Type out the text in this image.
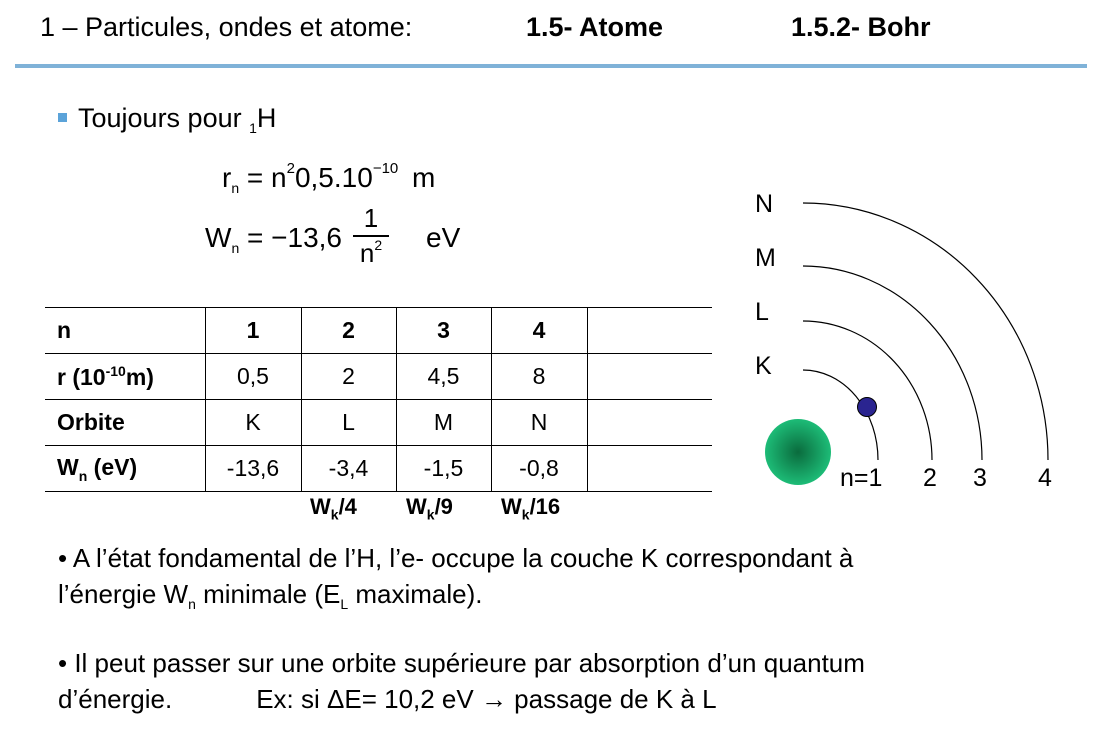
1 – Particules, ondes et atome:	1.5- Atome	1.5.2- Bohr
Toujours pour $_1$H
$r_n = n^20,5.10^{-10}$ m
$W_n = -13,6$
1
$n^2$ eV
n	1	2	3	4	
r $(10^{-10}m)$	0,5	2	4,5	8	
Orbite	K	L	M	N	
$W_n$ (eV)	-13,6	-3,4	-1,5	-0,8	
$W_k/4$ $W_k/9$ $W_k/16$
N
M
L
K
n=1 2 3 4
• A l’état fondamental de l’H, l’e- occupe la couche K correspondant à
l’énergie $W_n$ minimale ($E_L$ maximale).
• Il peut passer sur une orbite supérieure par absorption d’un quantum
d’énergie.	Ex: si ΔE= 10,2 eV → passage de K à L
